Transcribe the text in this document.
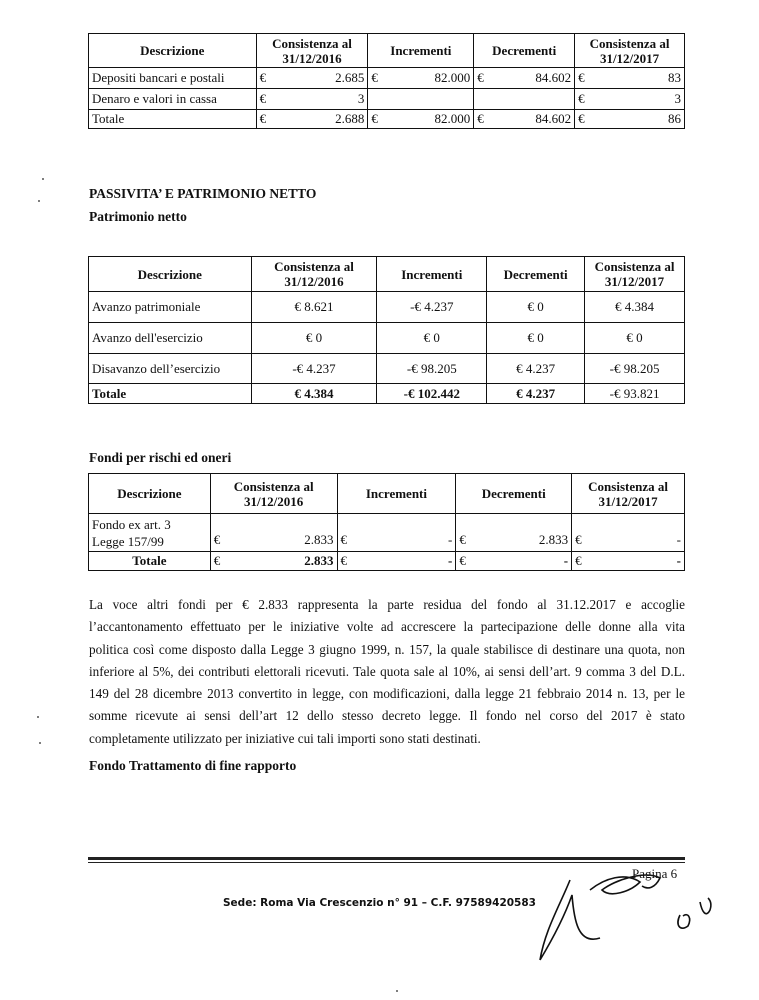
Descrizione	Consistenza al 31/12/2016	Incrementi	Decrementi	Consistenza al 31/12/2017
Depositi bancari e postali	€ 2.685	€ 82.000	€ 84.602	€ 83

Denaro e valori in cassa	€ 3			€ 3

Totale	€ 2.688	€ 82.000	€ 84.602	€ 86
PASSIVITA’ E PATRIMONIO NETTO
Patrimonio netto
Descrizione	Consistenza al 31/12/2016	Incrementi	Decrementi	Consistenza al 31/12/2017
Avanzo patrimoniale	€ 8.621	-€ 4.237	€ 0	€ 4.384
Avanzo dell'esercizio	€ 0	€ 0	€ 0	€ 0
Disavanzo dell’esercizio	-€ 4.237	-€ 98.205	€ 4.237	-€ 98.205
Totale	€ 4.384	-€ 102.442	€ 4.237	-€ 93.821
Fondi per rischi ed oneri
Descrizione	Consistenza al 31/12/2016	Incrementi	Decrementi	Consistenza al 31/12/2017
Fondo ex art. 3
Legge 157/99	€ 2.833	€ -	€ 2.833	€ -

Totale	€ 2.833	€ -	€ -	€ -
La voce altri fondi per € 2.833 rappresenta la parte residua del fondo al 31.12.2017 e accoglie
l’accantonamento effettuato per le iniziative volte ad accrescere la partecipazione delle donne alla vita
politica così come disposto dalla Legge 3 giugno 1999, n. 157, la quale stabilisce di destinare una quota, non
inferiore al 5%, dei contributi elettorali ricevuti. Tale quota sale al 10%, ai sensi dell’art. 9 comma 3 del D.L.
149 del 28 dicembre 2013 convertito in legge, con modificazioni, dalla legge 21 febbraio 2014 n. 13, per le
somme ricevute ai sensi dell’art 12 dello stesso decreto legge. Il fondo nel corso del 2017 è stato
completamente utilizzato per iniziative cui tali importi sono stati destinati.
Fondo Trattamento di fine rapporto
Pagina 6
Sede: Roma Via Crescenzio n° 91 – C.F. 97589420583
